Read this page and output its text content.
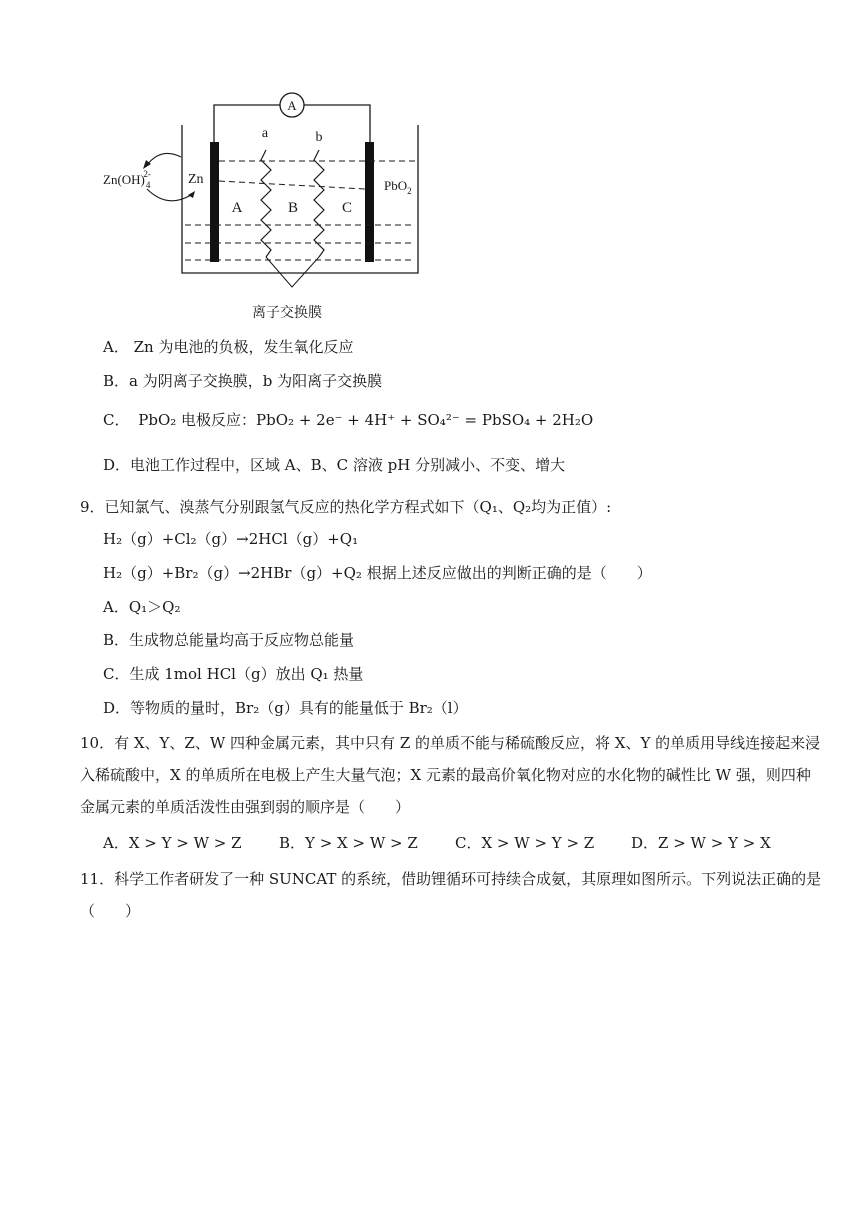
A
a	b
A	B	C
Zn	PbO$_2$
$Zn(OH)_42-$
离子交换膜
A． Zn 为电池的负极，发生氧化反应
B．a 为阴离子交换膜，b 为阳离子交换膜
C． PbO₂ 电极反应：PbO₂ + 2e⁻ + 4H⁺ + SO₄²⁻ = PbSO₄ + 2H₂O
D．电池工作过程中，区域 A、B、C 溶液 pH 分别减小、不变、增大
9．已知氯气、溴蒸气分别跟氢气反应的热化学方程式如下（Q₁、Q₂均为正值）:
H₂（g）+Cl₂（g）→2HCl（g）+Q₁
H₂（g）+Br₂（g）→2HBr（g）+Q₂ 根据上述反应做出的判断正确的是（　　）
A．Q₁＞Q₂
B．生成物总能量均高于反应物总能量
C．生成 1mol HCl（g）放出 Q₁ 热量
D．等物质的量时，Br₂（g）具有的能量低于 Br₂（l）
10．有 X、Y、Z、W 四种金属元素，其中只有 Z 的单质不能与稀硫酸反应，将 X、Y 的单质用导线连接起来浸入稀硫酸中，X 的单质所在电极上产生大量气泡；X 元素的最高价氧化物对应的水化物的碱性比 W 强，则四种金属元素的单质活泼性由强到弱的顺序是（　　）
A．X > Y > W > Z B．Y > X > W > Z C．X > W > Y > Z D．Z > W > Y > X
11．科学工作者研发了一种 SUNCAT 的系统，借助锂循环可持续合成氨，其原理如图所示。下列说法正确的是（　　）
